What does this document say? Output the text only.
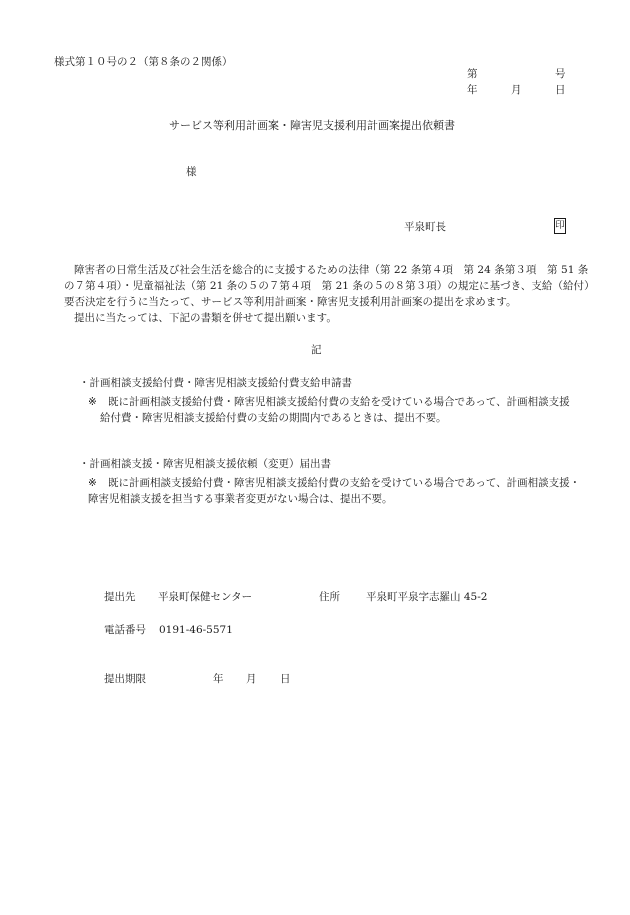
様式第１０号の２（第８条の２関係）
第	号
年	月	日
サービス等利用計画案・障害児支援利用計画案提出依頼書
様
平泉町長	印
障害者の日常生活及び社会生活を総合的に支援するための法律（第 22 条第４項　第 24 条第３項　第 51 条
の７第４項）・児童福祉法（第 21 条の５の７第４項　第 21 条の５の８第３項）の規定に基づき、支給（給付）
要否決定を行うに当たって、サービス等利用計画案・障害児支援利用計画案の提出を求めます。
提出に当たっては、下記の書類を併せて提出願います。
記
・計画相談支援給付費・障害児相談支援給付費支給申請書
※	既に計画相談支援給付費・障害児相談支援給付費の支給を受けている場合であって、計画相談支援
給付費・障害児相談支援給付費の支給の期間内であるときは、提出不要。
・計画相談支援・障害児相談支援依頼（変更）届出書
※	既に計画相談支援給付費・障害児相談支援給付費の支給を受けている場合であって、計画相談支援・
障害児相談支援を担当する事業者変更がない場合は、提出不要。
提出先 平泉町保健センター	住所 平泉町平泉字志羅山 45-2
電話番号 0191-46-5571
提出期限	年 月 日
